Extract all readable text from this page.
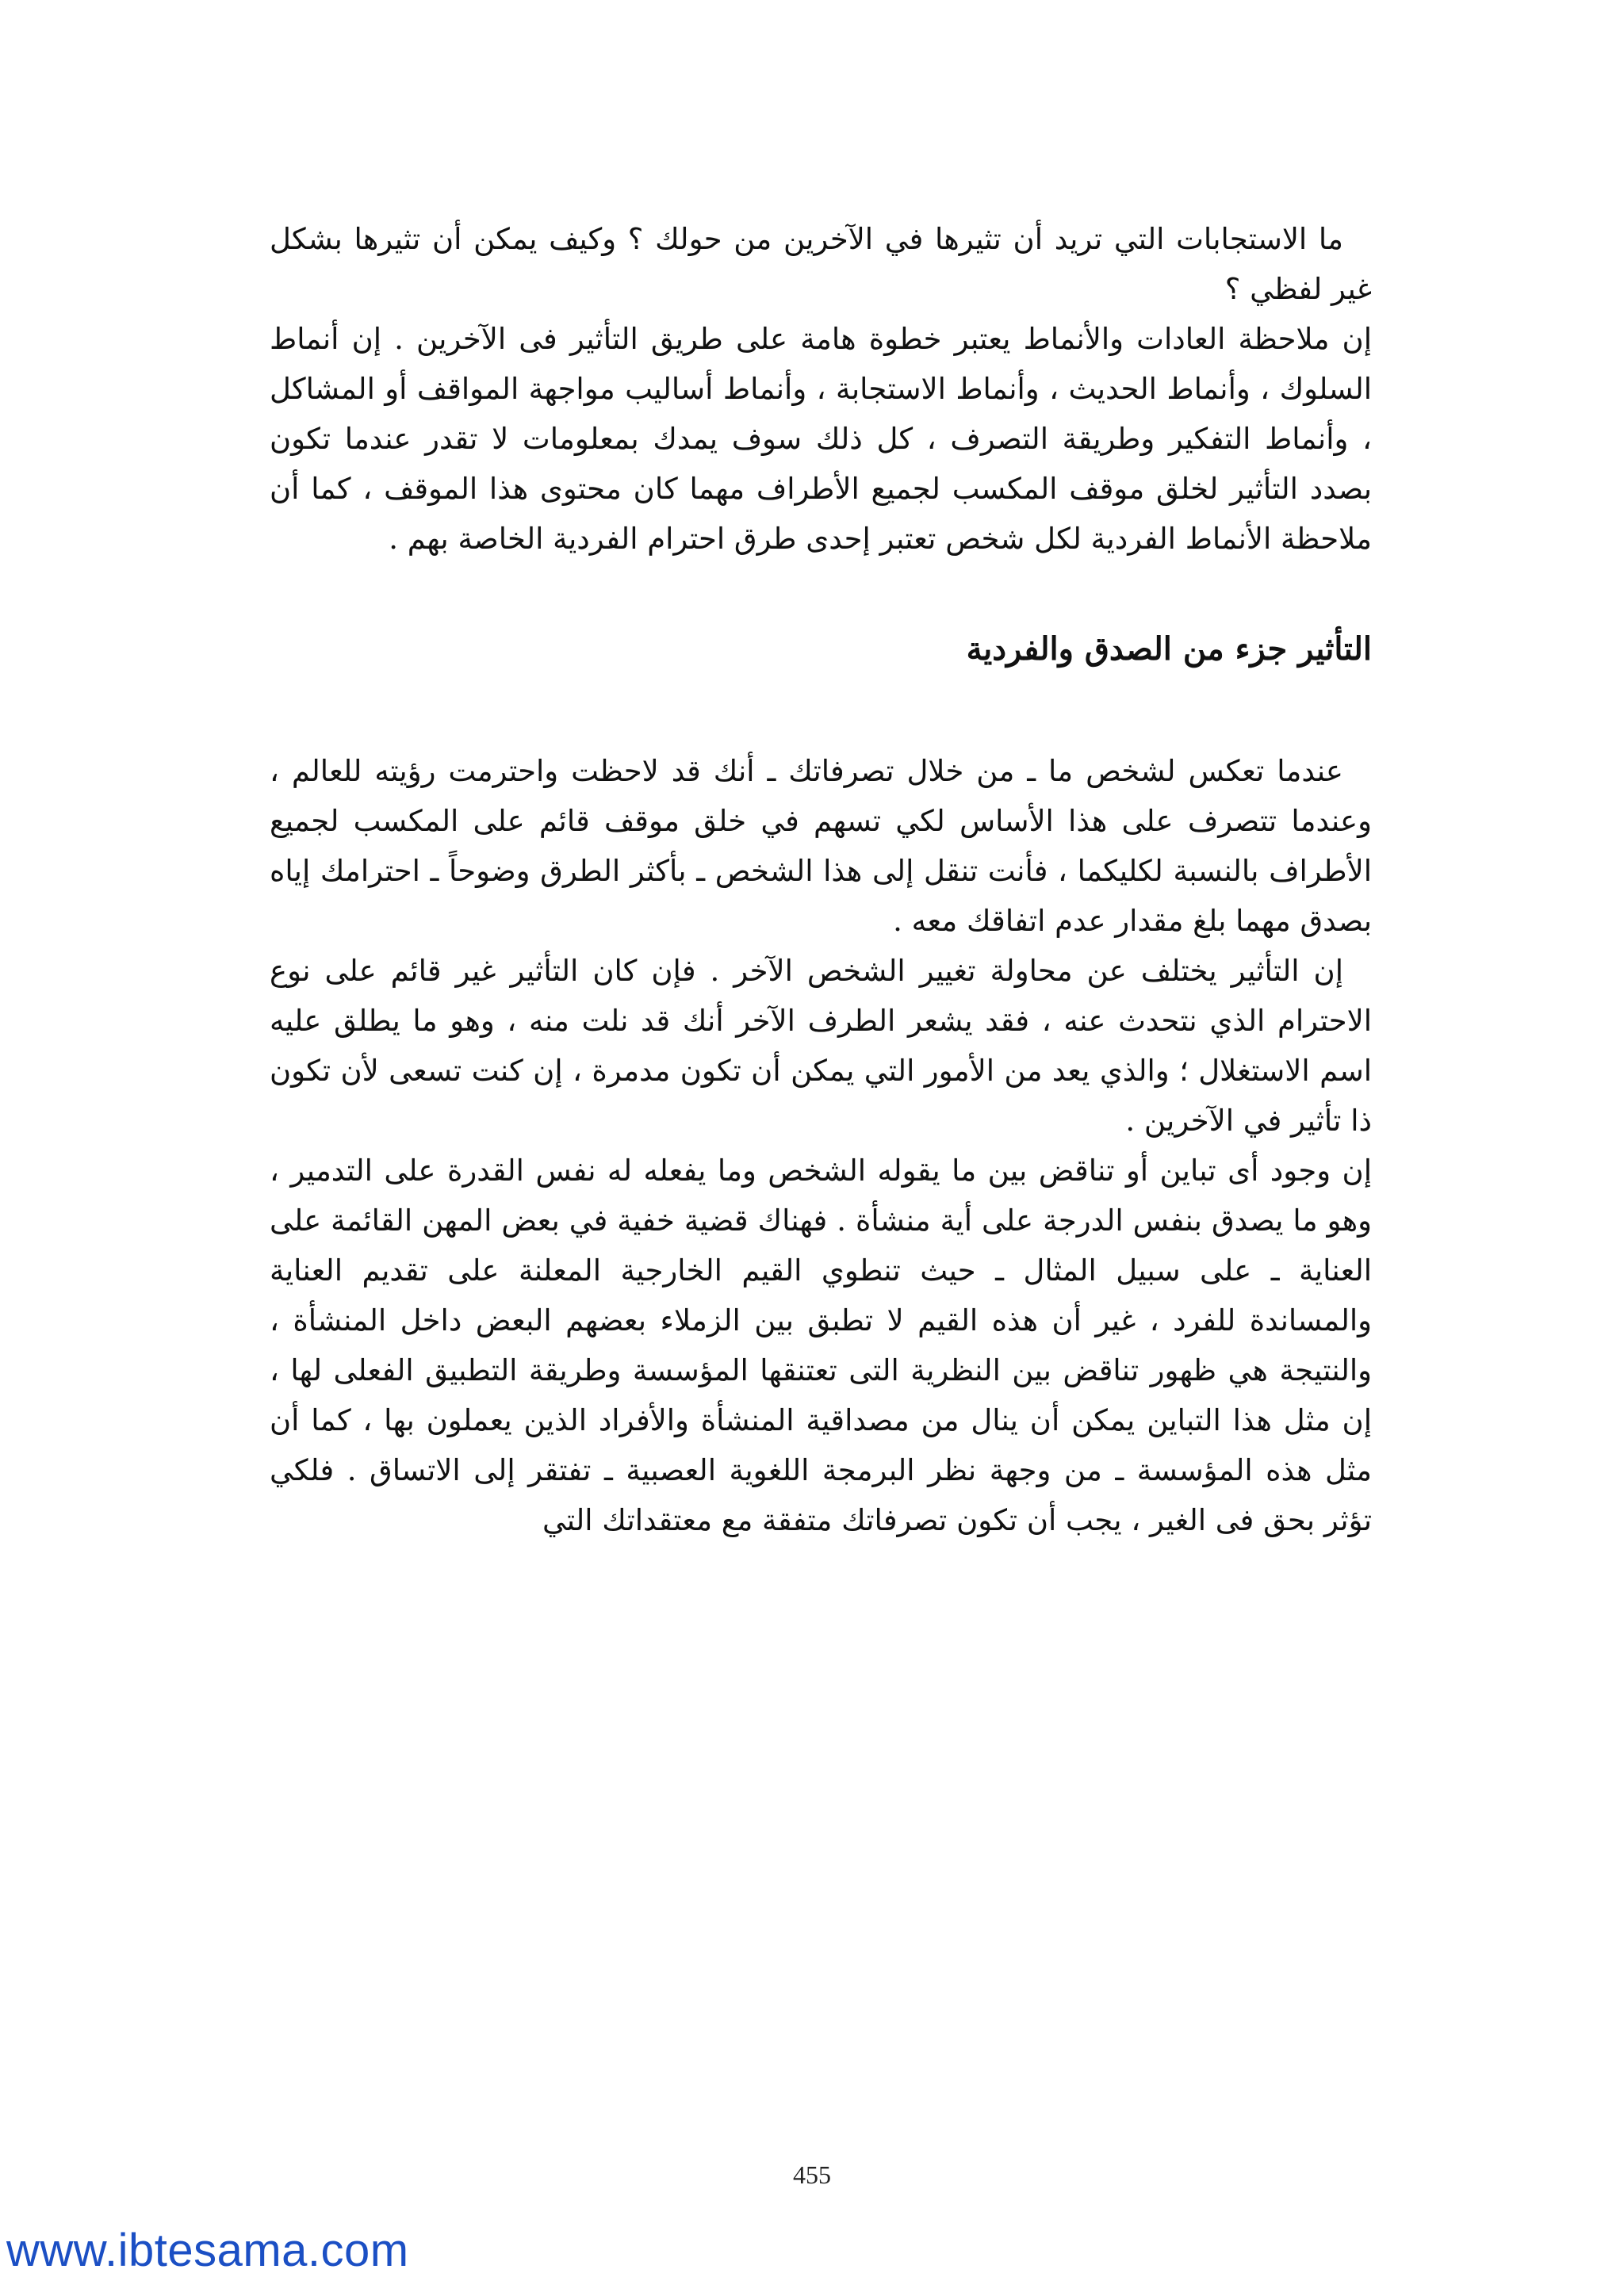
ما الاستجابات التي تريد أن تثيرها في الآخرين من حولك ؟ وكيف يمكن أن تثيرها بشكل غير لفظي ؟

إن ملاحظة العادات والأنماط يعتبر خطوة هامة على طريق التأثير فى الآخرين . إن أنماط السلوك ، وأنماط الحديث ، وأنماط الاستجابة ، وأنماط أساليب مواجهة المواقف أو المشاكل ، وأنماط التفكير وطريقة التصرف ، كل ذلك سوف يمدك بمعلومات لا تقدر عندما تكون بصدد التأثير لخلق موقف المكسب لجميع الأطراف مهما كان محتوى هذا الموقف ، كما أن ملاحظة الأنماط الفردية لكل شخص تعتبر إحدى طرق احترام الفردية الخاصة بهم .

التأثير جزء من الصدق والفردية

عندما تعكس لشخص ما ـ من خلال تصرفاتك ـ أنك قد لاحظت واحترمت رؤيته للعالم ، وعندما تتصرف على هذا الأساس لكي تسهم في خلق موقف قائم على المكسب لجميع الأطراف بالنسبة لكليكما ، فأنت تنقل إلى هذا الشخص ـ بأكثر الطرق وضوحاً ـ احترامك إياه بصدق مهما بلغ مقدار عدم اتفاقك معه .

إن التأثير يختلف عن محاولة تغيير الشخص الآخر . فإن كان التأثير غير قائم على نوع الاحترام الذي نتحدث عنه ، فقد يشعر الطرف الآخر أنك قد نلت منه ، وهو ما يطلق عليه اسم الاستغلال ؛ والذي يعد من الأمور التي يمكن أن تكون مدمرة ، إن كنت تسعى لأن تكون ذا تأثير في الآخرين .

إن وجود أى تباين أو تناقض بين ما يقوله الشخص وما يفعله له نفس القدرة على التدمير ، وهو ما يصدق بنفس الدرجة على أية منشأة . فهناك قضية خفية في بعض المهن القائمة على العناية ـ على سبيل المثال ـ حيث تنطوي القيم الخارجية المعلنة على تقديم العناية والمساندة للفرد ، غير أن هذه القيم لا تطبق بين الزملاء بعضهم البعض داخل المنشأة ، والنتيجة هي ظهور تناقض بين النظرية التى تعتنقها المؤسسة وطريقة التطبيق الفعلى لها ، إن مثل هذا التباين يمكن أن ينال من مصداقية المنشأة والأفراد الذين يعملون بها ، كما أن مثل هذه المؤسسة ـ من وجهة نظر البرمجة اللغوية العصبية ـ تفتقر إلى الاتساق . فلكي تؤثر بحق فى الغير ، يجب أن تكون تصرفاتك متفقة مع معتقداتك التي

455
www.ibtesama.com
